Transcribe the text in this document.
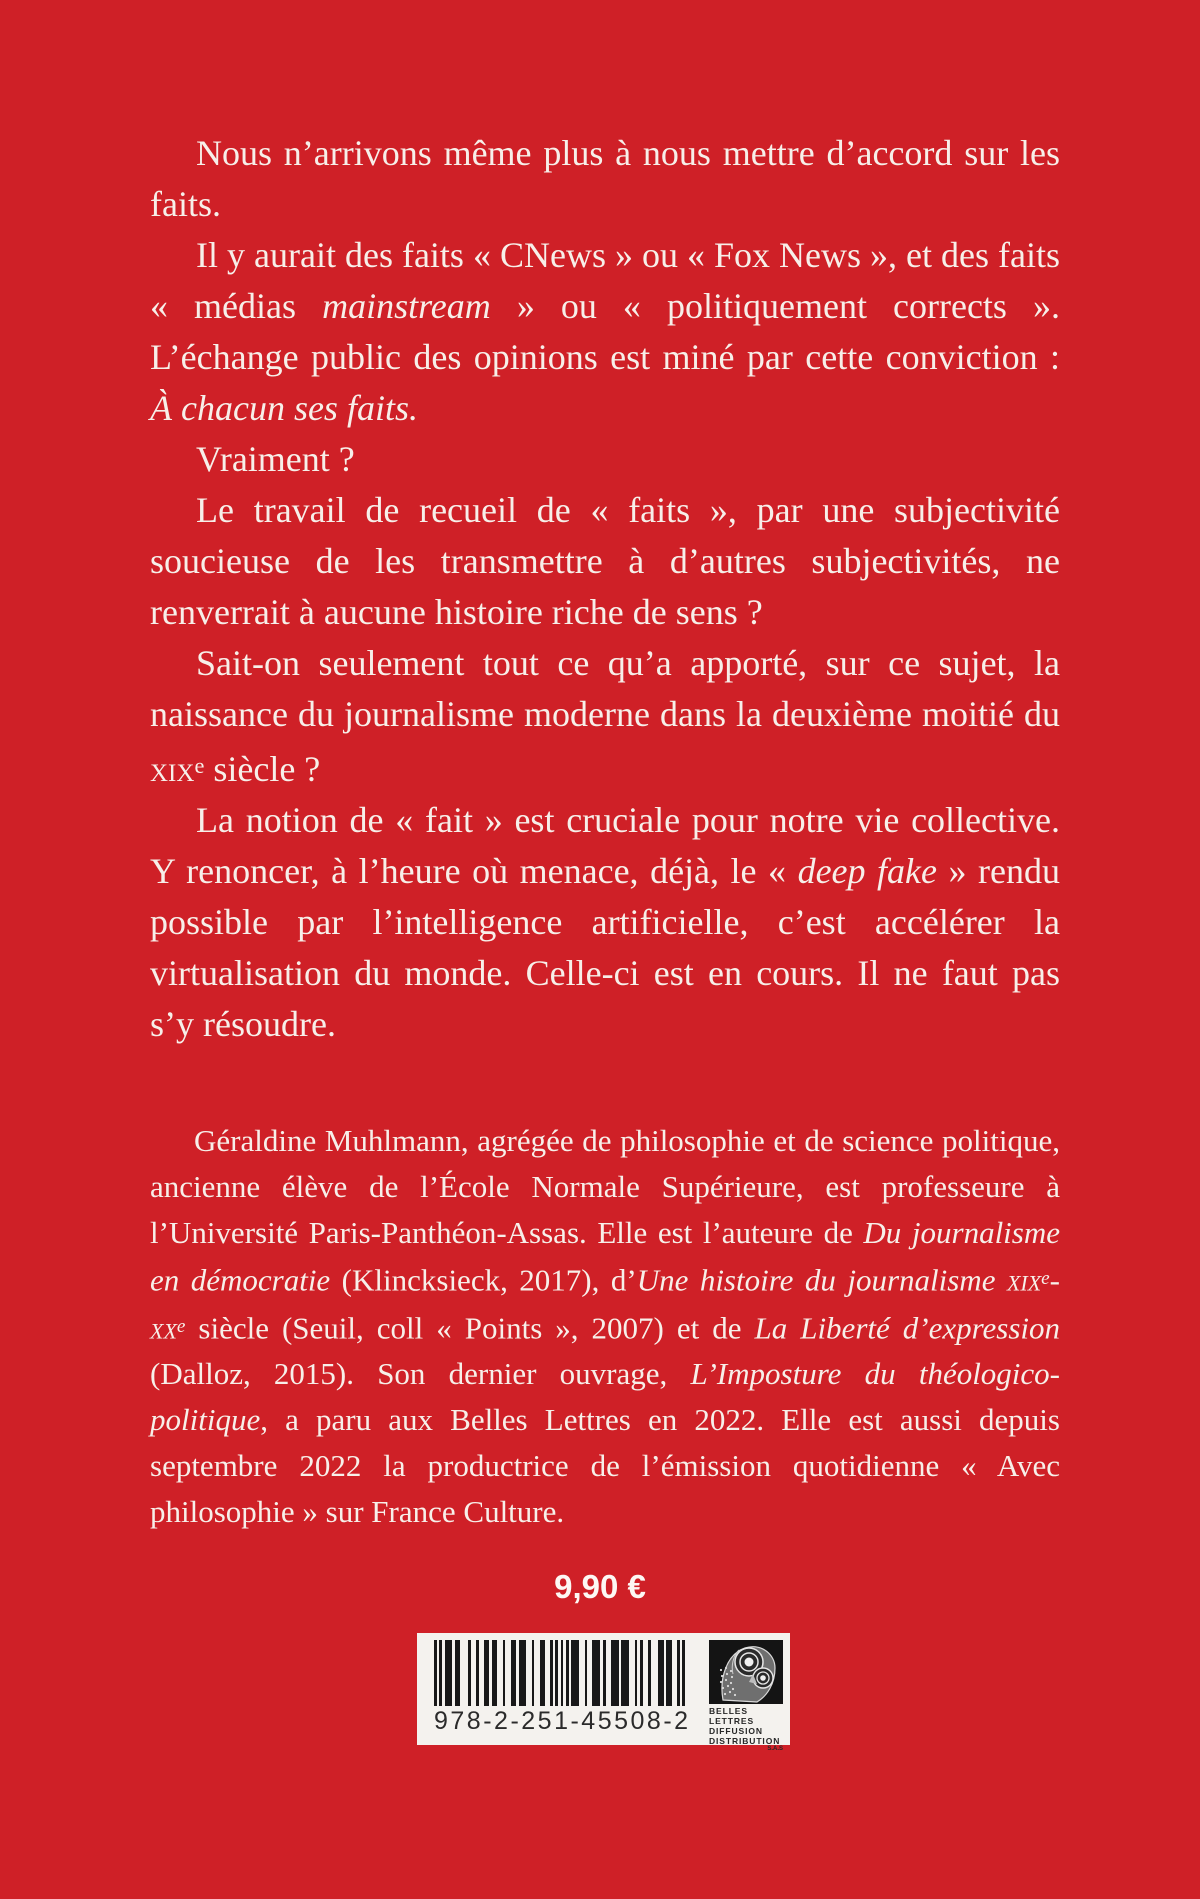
Nous n’arrivons même plus à nous mettre d’accord sur les faits.

Il y aurait des faits « CNews » ou « Fox News », et des faits « médias mainstream » ou « politiquement corrects ». L’échange public des opinions est miné par cette conviction : À chacun ses faits.

Vraiment ?

Le travail de recueil de « faits », par une subjectivité soucieuse de les transmettre à d’autres subjectivités, ne renverrait à aucune histoire riche de sens ?

Sait-on seulement tout ce qu’a apporté, sur ce sujet, la naissance du journalisme moderne dans la deuxième moitié du xix$^e$ siècle ?

La notion de « fait » est cruciale pour notre vie collective. Y renoncer, à l’heure où menace, déjà, le « deep fake » rendu possible par l’intelligence artificielle, c’est accélérer la virtualisation du monde. Celle-ci est en cours. Il ne faut pas s’y résoudre.

Géraldine Muhlmann, agrégée de philosophie et de science politique, ancienne élève de l’École Normale Supérieure, est professeure à l’Université Paris-Panthéon-Assas. Elle est l’auteure de Du journalisme en démocratie (Klincksieck, 2017), d’Une histoire du journalisme $xix^e-xx^e$ siècle (Seuil, coll « Points », 2007) et de La Liberté d’expression (Dalloz, 2015). Son dernier ouvrage, L’Imposture du théologico-politique, a paru aux Belles Lettres en 2022. Elle est aussi depuis septembre 2022 la productrice de l’émission quotidienne « Avec philosophie » sur France Culture.

9,90 €
978-2-251-45508-2	BELLES LETTRES
DIFFUSION
DISTRIBUTION
S.A.S
